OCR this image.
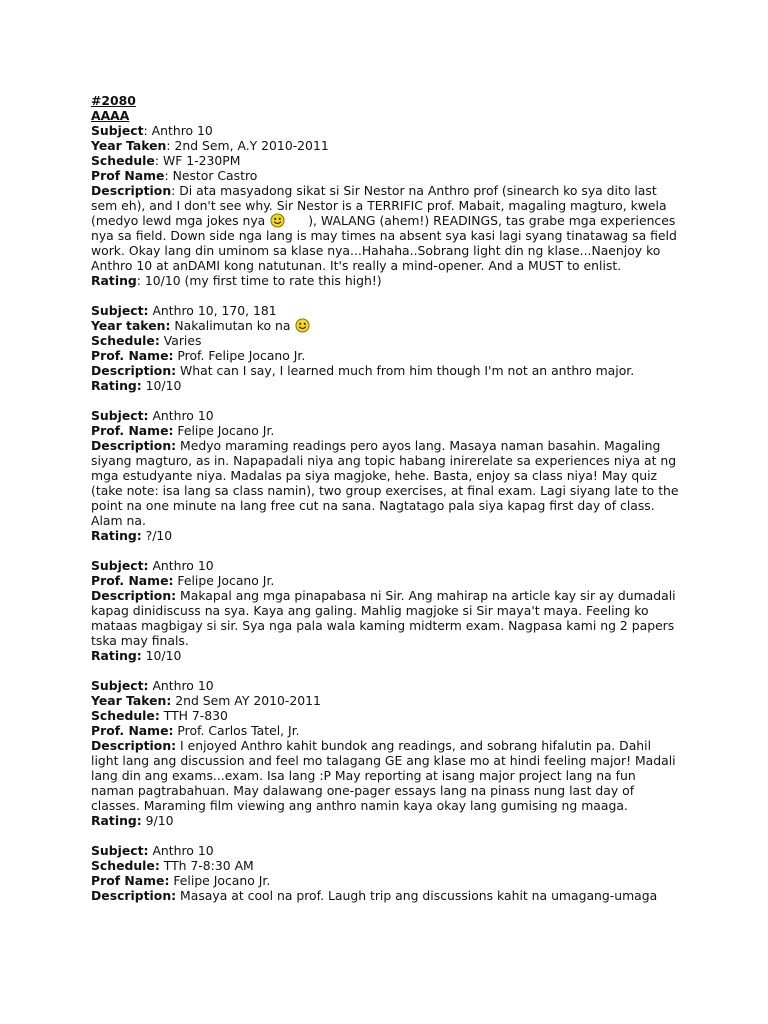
#2080
AAAA

Subject: Anthro 10

Year Taken: 2nd Sem, A.Y 2010-2011

Schedule: WF 1-230PM

Prof Name: Nestor Castro

Description: Di ata masyadong sikat si Sir Nestor na Anthro prof (sinearch ko sya dito last sem eh), and I don't see why. Sir Nestor is a TERRIFIC prof. Mabait, magaling magturo, kwela (medyo lewd mga jokes nya	), WALANG (ahem!) READINGS, tas grabe mga experiences nya sa field. Down side nga lang is may times na absent sya kasi lagi syang tinatawag sa field work. Okay lang din uminom sa klase nya...Hahaha..Sobrang light din ng klase...Naenjoy ko Anthro 10 at anDAMI kong natutunan. It's really a mind-opener. And a MUST to enlist.

Rating: 10/10 (my first time to rate this high!)

Subject: Anthro 10, 170, 181

Year taken: Nakalimutan ko na

Schedule: Varies

Prof. Name: Prof. Felipe Jocano Jr.

Description: What can I say, I learned much from him though I'm not an anthro major.

Rating: 10/10

Subject: Anthro 10

Prof. Name: Felipe Jocano Jr.

Description: Medyo maraming readings pero ayos lang. Masaya naman basahin. Magaling siyang magturo, as in. Napapadali niya ang topic habang inirerelate sa experiences niya at ng mga estudyante niya. Madalas pa siya magjoke, hehe. Basta, enjoy sa class niya! May quiz (take note: isa lang sa class namin), two group exercises, at final exam. Lagi siyang late to the point na one minute na lang free cut na sana. Nagtatago pala siya kapag first day of class. Alam na.

Rating: ?/10

Subject: Anthro 10

Prof. Name: Felipe Jocano Jr.

Description: Makapal ang mga pinapabasa ni Sir. Ang mahirap na article kay sir ay dumadali kapag dinidiscuss na sya. Kaya ang galing. Mahlig magjoke si Sir maya't maya. Feeling ko mataas magbigay si sir. Sya nga pala wala kaming midterm exam. Nagpasa kami ng 2 papers tska may finals.

Rating: 10/10

Subject: Anthro 10

Year Taken: 2nd Sem AY 2010-2011

Schedule: TTH 7-830

Prof. Name: Prof. Carlos Tatel, Jr.

Description: I enjoyed Anthro kahit bundok ang readings, and sobrang hifalutin pa. Dahil light lang ang discussion and feel mo talagang GE ang klase mo at hindi feeling major! Madali lang din ang exams...exam. Isa lang :P May reporting at isang major project lang na fun naman pagtrabahuan. May dalawang one-pager essays lang na pinass nung last day of classes. Maraming film viewing ang anthro namin kaya okay lang gumising ng maaga.

Rating: 9/10

Subject: Anthro 10

Schedule: TTh 7-8:30 AM

Prof Name: Felipe Jocano Jr.

Description: Masaya at cool na prof. Laugh trip ang discussions kahit na umagang-umaga
